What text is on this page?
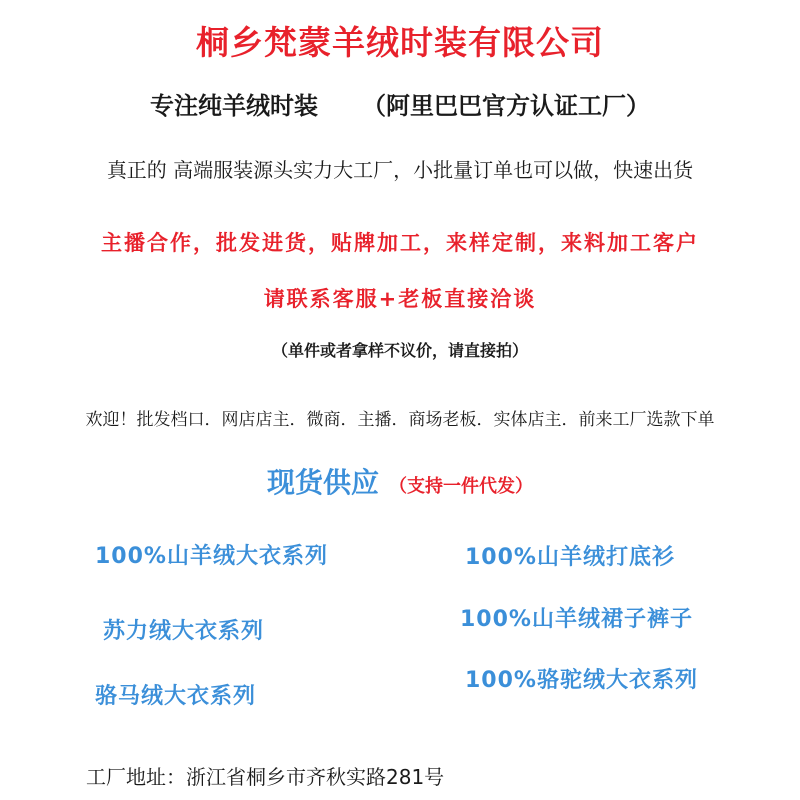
桐乡梵蒙羊绒时装有限公司
专注纯羊绒时装 （阿里巴巴官方认证工厂）
真正的 高端服装源头实力大工厂，小批量订单也可以做，快速出货
主播合作，批发进货，贴牌加工，来样定制，来料加工客户
请联系客服+老板直接洽谈
（单件或者拿样不议价，请直接拍）
欢迎！批发档口．网店店主．微商．主播．商场老板．实体店主．前来工厂选款下单
现货供应 （支持一件代发）
100%山羊绒大衣系列	100%山羊绒打底衫
苏力绒大衣系列	100%山羊绒裙子裤子
骆马绒大衣系列
100%骆驼绒大衣系列
工厂地址：浙江省桐乡市齐秋实路281号
